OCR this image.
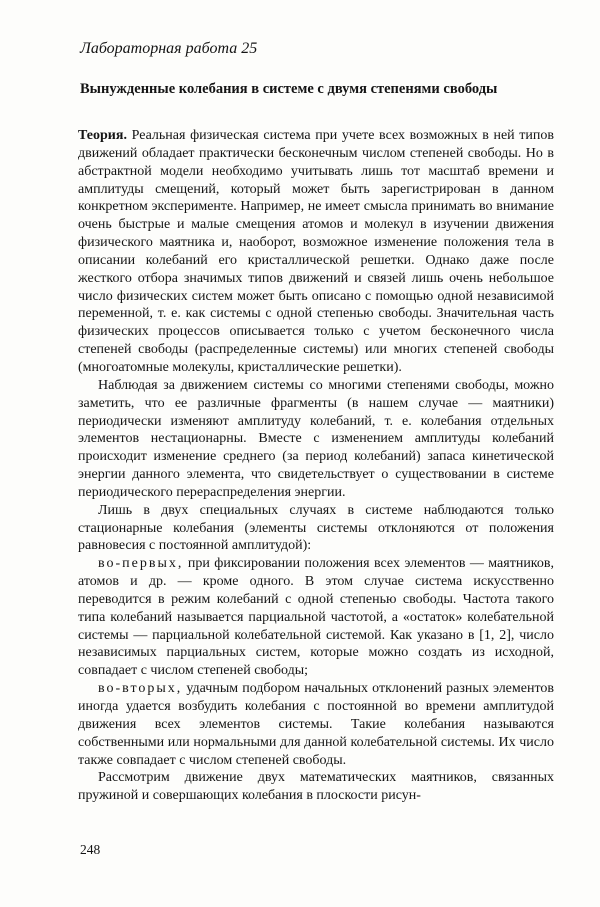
Лабораторная работа 25

Вынужденные колебания в системе с двумя степенями свободы

Теория. Реальная физическая система при учете всех возможных в ней типов движений обладает практически бесконечным числом степеней свободы. Но в абстрактной модели необходимо учитывать лишь тот масштаб времени и амплитуды смещений, который может быть зарегистрирован в данном конкретном эксперименте. Например, не имеет смысла принимать во внимание очень быстрые и малые смещения атомов и молекул в изучении движения физического маятника и, наоборот, возможное изменение положения тела в описании колебаний его кристаллической решетки. Однако даже после жесткого отбора значимых типов движений и связей лишь очень небольшое число физических систем может быть описано с помощью одной независимой переменной, т. е. как системы с одной степенью свободы. Значительная часть физических процессов описывается только с учетом бесконечного числа степеней свободы (распределенные системы) или многих степеней свободы (многоатомные молекулы, кристаллические решетки).

Наблюдая за движением системы со многими степенями свободы, можно заметить, что ее различные фрагменты (в нашем случае — маятники) периодически изменяют амплитуду колебаний, т. е. колебания отдельных элементов нестационарны. Вместе с изменением амплитуды колебаний происходит изменение среднего (за период колебаний) запаса кинетической энергии данного элемента, что свидетельствует о существовании в системе периодического перераспределения энергии.

Лишь в двух специальных случаях в системе наблюдаются только стационарные колебания (элементы системы отклоняются от положения равновесия с постоянной амплитудой):

во-первых, при фиксировании положения всех элементов — маятников, атомов и др. — кроме одного. В этом случае система искусственно переводится в режим колебаний с одной степенью свободы. Частота такого типа колебаний называется парциальной частотой, а «остаток» колебательной системы — парциальной колебательной системой. Как указано в [1, 2], число независимых парциальных систем, которые можно создать из исходной, совпадает с числом степеней свободы;

во-вторых, удачным подбором начальных отклонений разных элементов иногда удается возбудить колебания с постоянной во времени амплитудой движения всех элементов системы. Такие колебания называются собственными или нормальными для данной колебательной системы. Их число также совпадает с числом степеней свободы.

Рассмотрим движение двух математических маятников, связанных пружиной и совершающих колебания в плоскости рисун-

248
